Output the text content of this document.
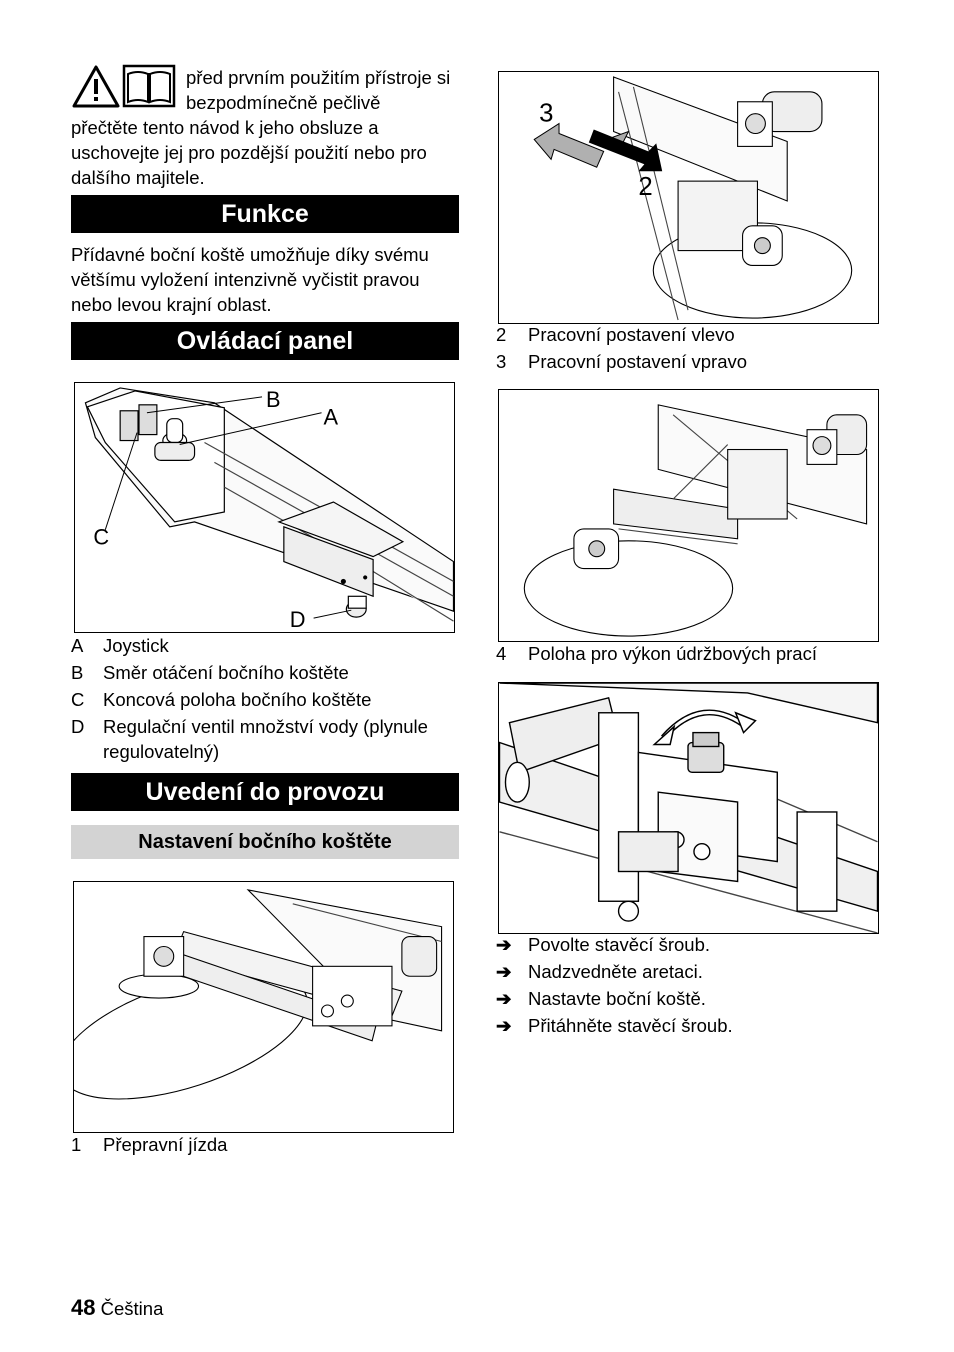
před prvním použitím přístroje si bezpodmínečně pečlivě

přečtěte tento návod k jeho obsluze a uschovejte jej pro pozdější použití nebo pro dalšího majitele.

Funkce

Přídavné boční koště umožňuje díky svému většímu vyložení intenzivně vyčistit pravou nebo levou krajní oblast.

Ovládací panel
B
A
C
D
A	Joystick
B	Směr otáčení bočního koštěte
C	Koncová poloha bočního koštěte
D	Regulační ventil množství vody (plynule regulovatelný)
Uvedení do provozu
Nastavení bočního koštěte
1	Přepravní jízda
3
2
2	Pracovní postavení vlevo
3	Pracovní postavení vpravo
4	Poloha pro výkon údržbových prací
➔ Povolte stavěcí šroub.
➔ Nadzvedněte aretaci.
➔ Nastavte boční koště.
➔ Přitáhněte stavěcí šroub.
48 Čeština
